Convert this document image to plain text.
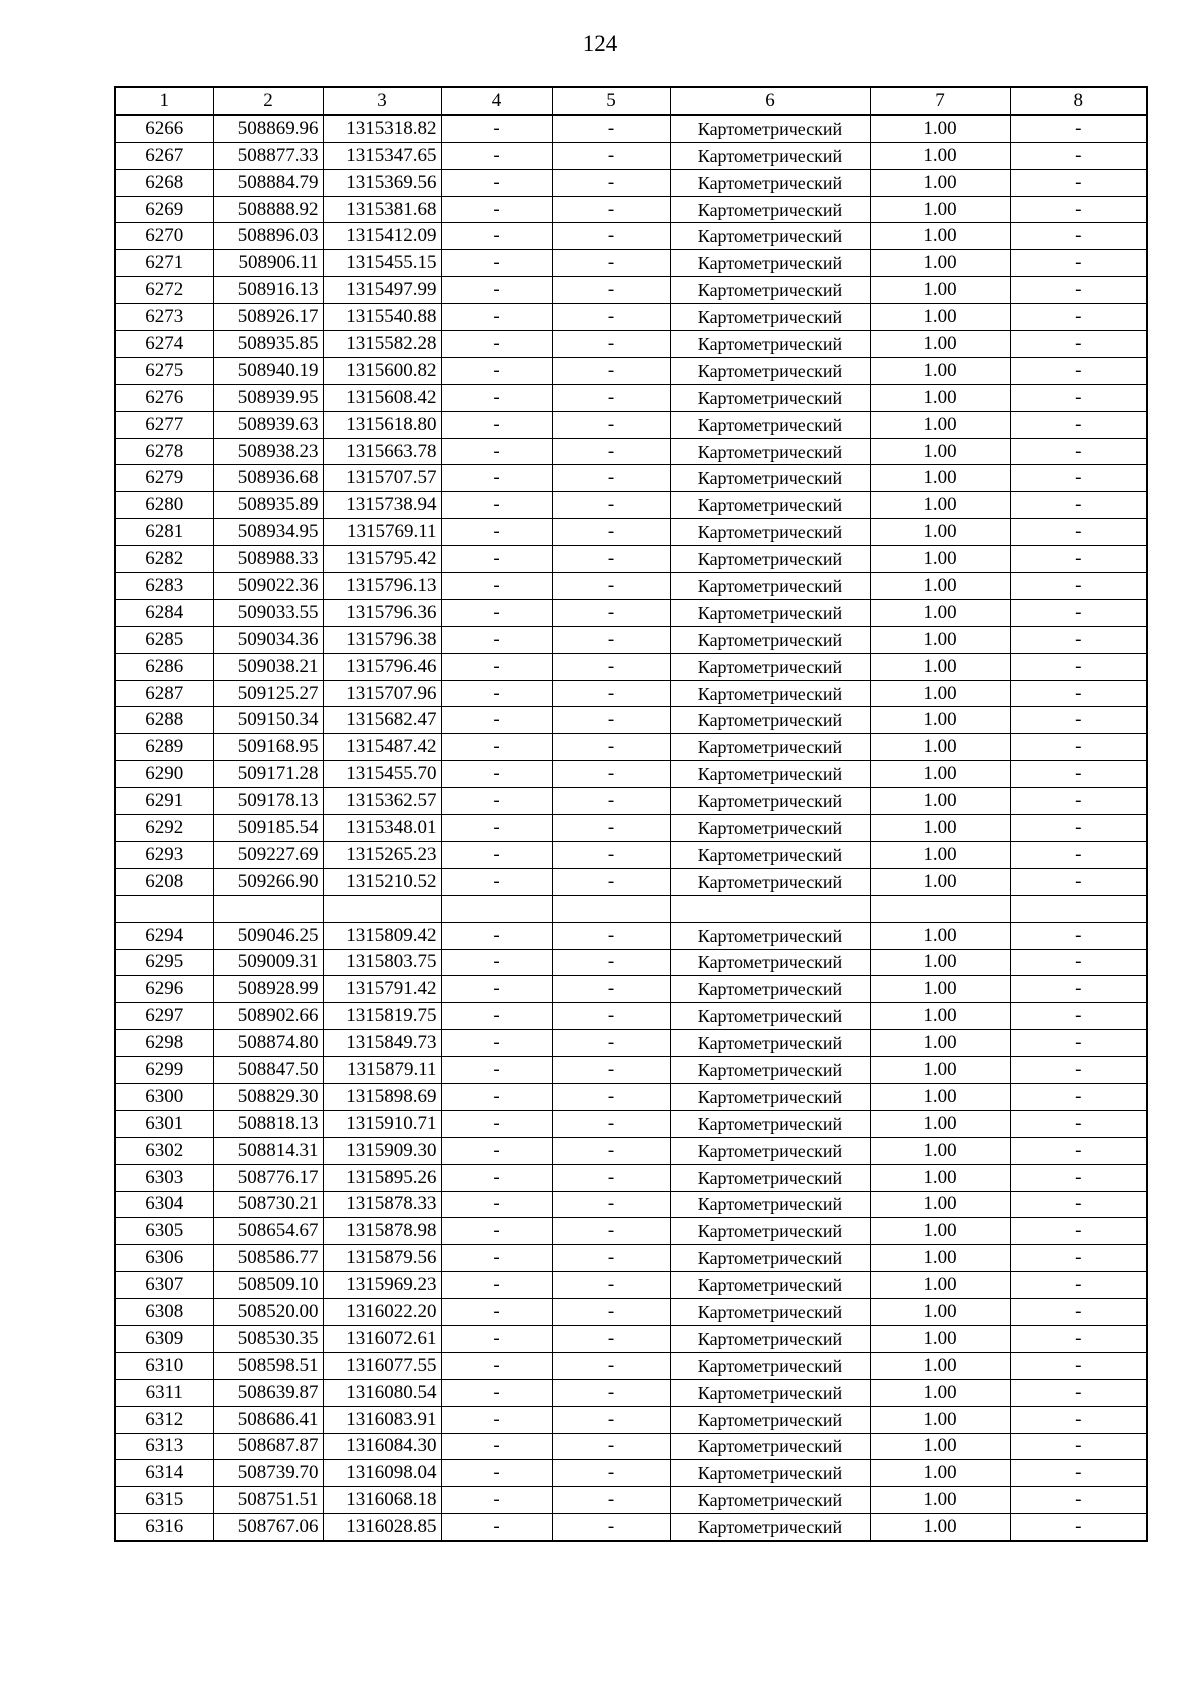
124
1	2	3	4	5	6	7	8
6266	508869.96	1315318.82	-	-	Картометрический	1.00	-
6267	508877.33	1315347.65	-	-	Картометрический	1.00	-
6268	508884.79	1315369.56	-	-	Картометрический	1.00	-
6269	508888.92	1315381.68	-	-	Картометрический	1.00	-
6270	508896.03	1315412.09	-	-	Картометрический	1.00	-
6271	508906.11	1315455.15	-	-	Картометрический	1.00	-
6272	508916.13	1315497.99	-	-	Картометрический	1.00	-
6273	508926.17	1315540.88	-	-	Картометрический	1.00	-
6274	508935.85	1315582.28	-	-	Картометрический	1.00	-
6275	508940.19	1315600.82	-	-	Картометрический	1.00	-
6276	508939.95	1315608.42	-	-	Картометрический	1.00	-
6277	508939.63	1315618.80	-	-	Картометрический	1.00	-
6278	508938.23	1315663.78	-	-	Картометрический	1.00	-
6279	508936.68	1315707.57	-	-	Картометрический	1.00	-
6280	508935.89	1315738.94	-	-	Картометрический	1.00	-
6281	508934.95	1315769.11	-	-	Картометрический	1.00	-
6282	508988.33	1315795.42	-	-	Картометрический	1.00	-
6283	509022.36	1315796.13	-	-	Картометрический	1.00	-
6284	509033.55	1315796.36	-	-	Картометрический	1.00	-
6285	509034.36	1315796.38	-	-	Картометрический	1.00	-
6286	509038.21	1315796.46	-	-	Картометрический	1.00	-
6287	509125.27	1315707.96	-	-	Картометрический	1.00	-
6288	509150.34	1315682.47	-	-	Картометрический	1.00	-
6289	509168.95	1315487.42	-	-	Картометрический	1.00	-
6290	509171.28	1315455.70	-	-	Картометрический	1.00	-
6291	509178.13	1315362.57	-	-	Картометрический	1.00	-
6292	509185.54	1315348.01	-	-	Картометрический	1.00	-
6293	509227.69	1315265.23	-	-	Картометрический	1.00	-
6208	509266.90	1315210.52	-	-	Картометрический	1.00	-

6294	509046.25	1315809.42	-	-	Картометрический	1.00	-
6295	509009.31	1315803.75	-	-	Картометрический	1.00	-
6296	508928.99	1315791.42	-	-	Картометрический	1.00	-
6297	508902.66	1315819.75	-	-	Картометрический	1.00	-
6298	508874.80	1315849.73	-	-	Картометрический	1.00	-
6299	508847.50	1315879.11	-	-	Картометрический	1.00	-
6300	508829.30	1315898.69	-	-	Картометрический	1.00	-
6301	508818.13	1315910.71	-	-	Картометрический	1.00	-
6302	508814.31	1315909.30	-	-	Картометрический	1.00	-
6303	508776.17	1315895.26	-	-	Картометрический	1.00	-
6304	508730.21	1315878.33	-	-	Картометрический	1.00	-
6305	508654.67	1315878.98	-	-	Картометрический	1.00	-
6306	508586.77	1315879.56	-	-	Картометрический	1.00	-
6307	508509.10	1315969.23	-	-	Картометрический	1.00	-
6308	508520.00	1316022.20	-	-	Картометрический	1.00	-
6309	508530.35	1316072.61	-	-	Картометрический	1.00	-
6310	508598.51	1316077.55	-	-	Картометрический	1.00	-
6311	508639.87	1316080.54	-	-	Картометрический	1.00	-
6312	508686.41	1316083.91	-	-	Картометрический	1.00	-
6313	508687.87	1316084.30	-	-	Картометрический	1.00	-
6314	508739.70	1316098.04	-	-	Картометрический	1.00	-
6315	508751.51	1316068.18	-	-	Картометрический	1.00	-
6316	508767.06	1316028.85	-	-	Картометрический	1.00	-
